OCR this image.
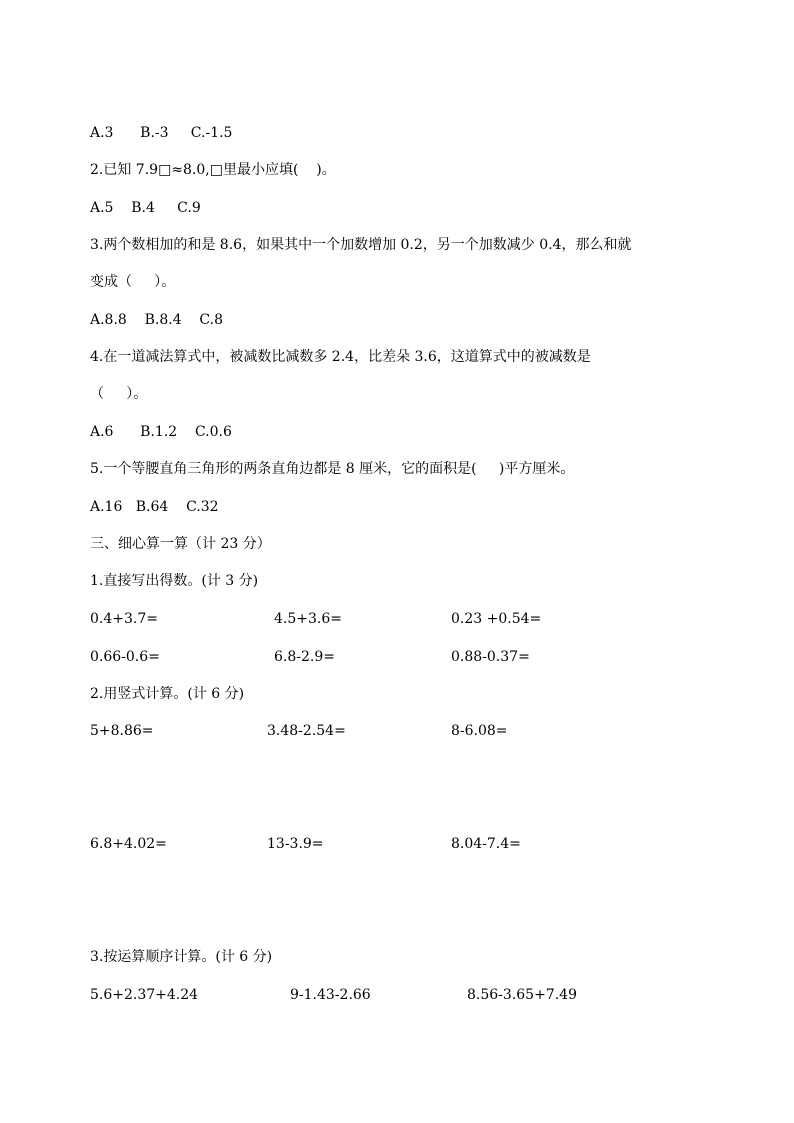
A.3      B.-3     C.-1.5
2.已知 7.9□≈8.0,□里最小应填(    )。
A.5    B.4     C.9
3.两个数相加的和是 8.6，如果其中一个加数增加 0.2，另一个加数减少 0.4，那么和就
变成（     ）。
A.8.8    B.8.4    C.8
4.在一道减法算式中，被减数比减数多 2.4，比差朵 3.6，这道算式中的被减数是
（     ）。
A.6      B.1.2    C.0.6
5.一个等腰直角三角形的两条直角边都是 8 厘米，它的面积是(     )平方厘米。
A.16   B.64    C.32
三、细心算一算（计 23 分）
1.直接写出得数。(计 3 分)
0.4+3.7=	4.5+3.6=	0.23 +0.54=
0.66-0.6=	6.8-2.9=	0.88-0.37=
2.用竖式计算。(计 6 分)
5+8.86=	3.48-2.54=	8-6.08=
6.8+4.02=	13-3.9=	8.04-7.4=
3.按运算顺序计算。(计 6 分)
5.6+2.37+4.24	9-1.43-2.66	8.56-3.65+7.49
